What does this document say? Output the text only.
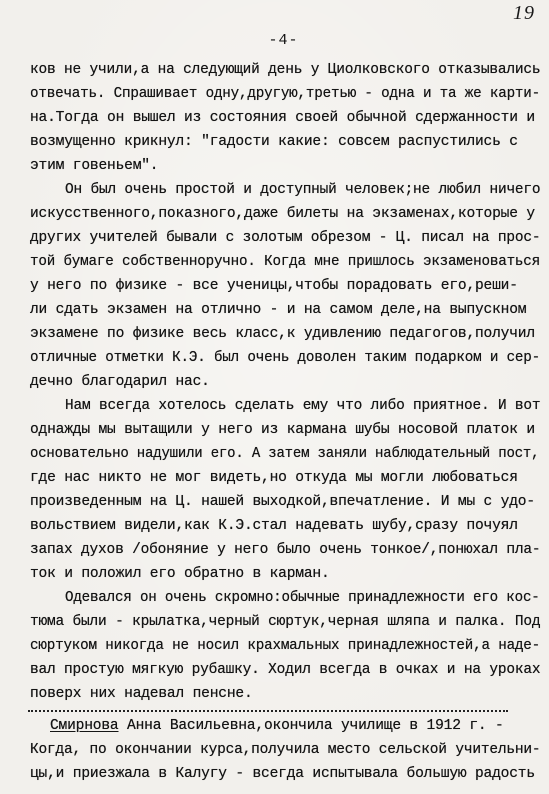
19
-4-
ков не учили,а на следующий день у Циолковского отказывались
отвечать. Спрашивает одну,другую,третью - одна и та же карти-
на.Тогда он вышел из состояния своей обычной сдержанности и
возмущенно крикнул: "гадости какие: совсем распустились с
этим говеньем".
Он был очень простой и доступный человек;не любил ничего
искусственного,показного,даже билеты на экзаменах,которые у
других учителей бывали с золотым обрезом - Ц. писал на прос-
той бумаге собственноручно. Когда мне пришлось экзаменоваться
у него по физике - все ученицы,чтобы порадовать его,реши-
ли сдать экзамен на отлично - и на самом деле,на выпускном
экзамене по физике весь класс,к удивлению педагогов,получил
отличные отметки К.Э. был очень доволен таким подарком и сер-
дечно благодарил нас.
Нам всегда хотелось сделать ему что либо приятное. И вот
однажды мы вытащили у него из кармана шубы носовой платок и
основательно надушили его. А затем заняли наблюдательный пост,
где нас никто не мог видеть,но откуда мы могли любоваться
произведенным на Ц. нашей выходкой,впечатление. И мы с удо-
вольствием видели,как К.Э.стал надевать шубу,сразу почуял
запах духов /обоняние у него было очень тонкое/,понюхал пла-
ток и положил его обратно в карман.
Одевался он очень скромно:обычные принадлежности его кос-
тюма были - крылатка,черный сюртук,черная шляпа и палка. Под
сюртуком никогда не носил крахмальных принадлежностей,а наде-
вал простую мягкую рубашку. Ходил всегда в очках и на уроках
поверх них надевал пенсне.
Смирнова Анна Васильевна,окончила училище в 1912 г. -
Когда, по окончании курса,получила место сельской учительни-
цы,и приезжала в Калугу - всегда испытывала большую радость
